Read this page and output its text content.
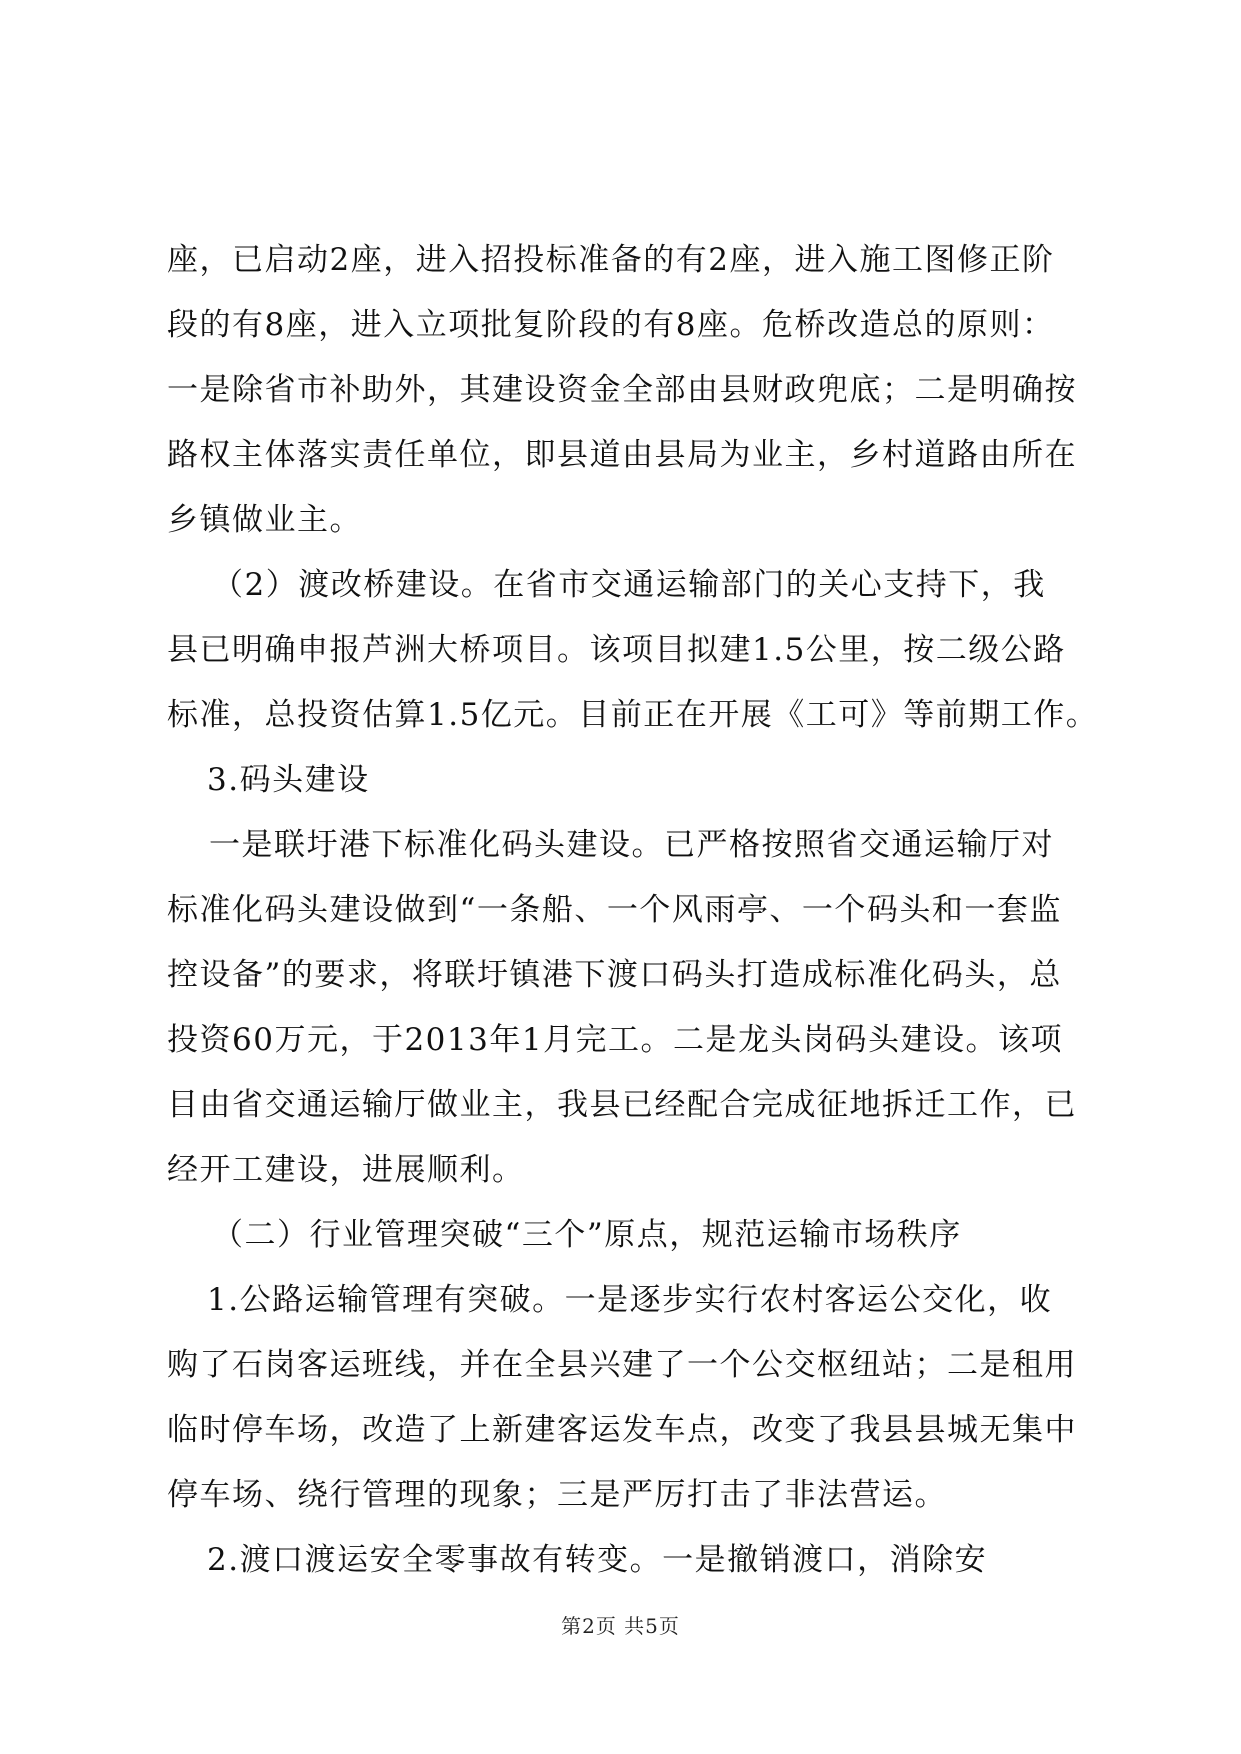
座，已启动2座，进入招投标准备的有2座，进入施工图修正阶
段的有8座，进入立项批复阶段的有8座。危桥改造总的原则：
一是除省市补助外，其建设资金全部由县财政兜底；二是明确按
路权主体落实责任单位，即县道由县局为业主，乡村道路由所在
乡镇做业主。
（2）渡改桥建设。在省市交通运输部门的关心支持下，我
县已明确申报芦洲大桥项目。该项目拟建1.5公里，按二级公路
标准，总投资估算1.5亿元。目前正在开展《工可》等前期工作。
3.码头建设
一是联圩港下标准化码头建设。已严格按照省交通运输厅对
标准化码头建设做到“一条船、一个风雨亭、一个码头和一套监
控设备”的要求，将联圩镇港下渡口码头打造成标准化码头，总
投资60万元，于2013年1月完工。二是龙头岗码头建设。该项
目由省交通运输厅做业主，我县已经配合完成征地拆迁工作，已
经开工建设，进展顺利。
（二）行业管理突破“三个”原点，规范运输市场秩序
1.公路运输管理有突破。一是逐步实行农村客运公交化，收
购了石岗客运班线，并在全县兴建了一个公交枢纽站；二是租用
临时停车场，改造了上新建客运发车点，改变了我县县城无集中
停车场、绕行管理的现象；三是严厉打击了非法营运。
2.渡口渡运安全零事故有转变。一是撤销渡口，消除安
第2页 共5页
